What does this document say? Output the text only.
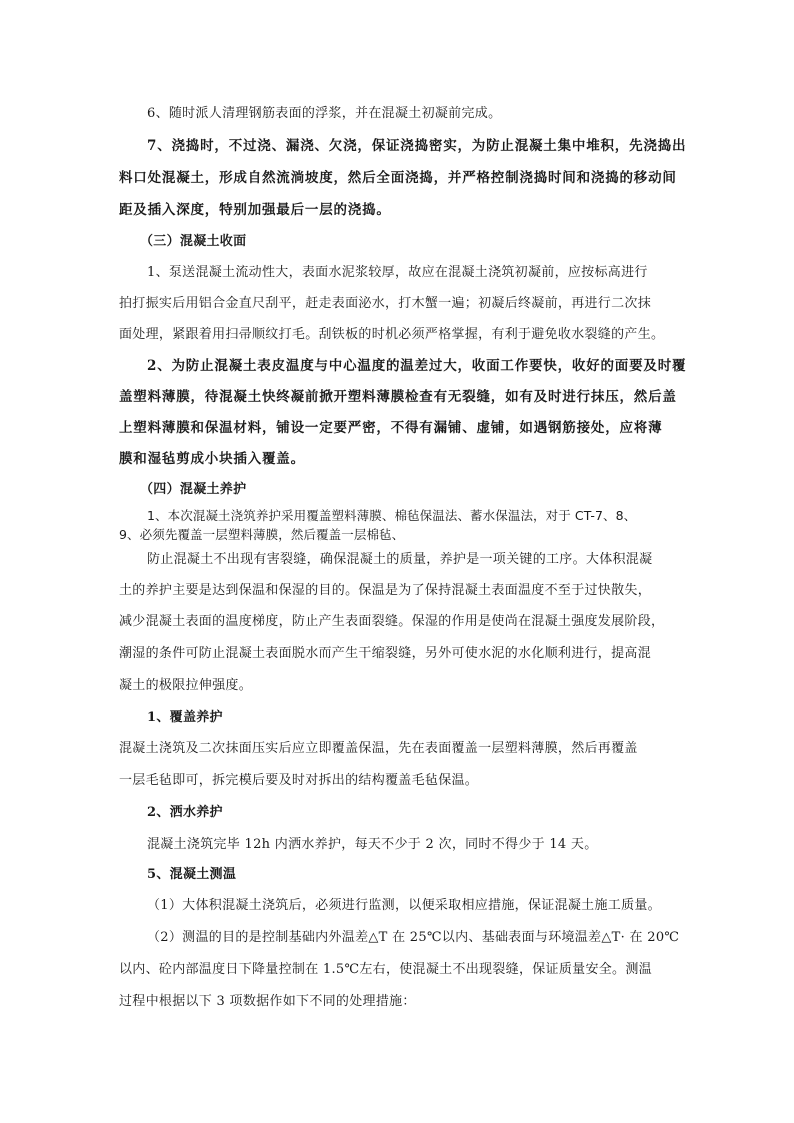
6、随时派人清理钢筋表面的浮浆，并在混凝土初凝前完成。
7、浇捣时，不过浇、漏浇、欠浇，保证浇捣密实，为防止混凝土集中堆积，先浇捣出
料口处混凝土，形成自然流淌坡度，然后全面浇捣，并严格控制浇捣时间和浇捣的移动间
距及插入深度，特别加强最后一层的浇捣。
（三）混凝土收面
1、泵送混凝土流动性大，表面水泥浆较厚，故应在混凝土浇筑初凝前，应按标高进行
拍打振实后用铝合金直尺刮平，赶走表面泌水，打木蟹一遍；初凝后终凝前，再进行二次抹
面处理，紧跟着用扫帚顺纹打毛。刮铁板的时机必须严格掌握，有利于避免收水裂缝的产生。
2、为防止混凝土表皮温度与中心温度的温差过大，收面工作要快，收好的面要及时覆
盖塑料薄膜，待混凝土快终凝前掀开塑料薄膜检查有无裂缝，如有及时进行抹压，然后盖
上塑料薄膜和保温材料，铺设一定要严密，不得有漏铺、虚铺，如遇钢筋接处，应将薄
膜和湿毡剪成小块插入覆盖。
（四）混凝土养护
1、本次混凝土浇筑养护采用覆盖塑料薄膜、棉毡保温法、蓄水保温法，对于 CT-7、8、
9、必须先覆盖一层塑料薄膜，然后覆盖一层棉毡、
防止混凝土不出现有害裂缝，确保混凝土的质量，养护是一项关键的工序。大体积混凝
土的养护主要是达到保温和保湿的目的。保温是为了保持混凝土表面温度不至于过快散失，
减少混凝土表面的温度梯度，防止产生表面裂缝。保湿的作用是使尚在混凝土强度发展阶段，
潮湿的条件可防止混凝土表面脱水而产生干缩裂缝，另外可使水泥的水化顺利进行，提高混
凝土的极限拉伸强度。
1、覆盖养护
混凝土浇筑及二次抹面压实后应立即覆盖保温，先在表面覆盖一层塑料薄膜，然后再覆盖
一层毛毡即可，拆完模后要及时对拆出的结构覆盖毛毡保温。
2、洒水养护
混凝土浇筑完毕 12h 内洒水养护，每天不少于 2 次，同时不得少于 14 天。
5、混凝土测温
（1）大体积混凝土浇筑后，必须进行监测，以便采取相应措施，保证混凝土施工质量。
（2）测温的目的是控制基础内外温差△T 在 25℃以内、基础表面与环境温差△T· 在 20℃
以内、砼内部温度日下降量控制在 1.5℃左右，使混凝土不出现裂缝，保证质量安全。测温
过程中根据以下 3 项数据作如下不同的处理措施：
